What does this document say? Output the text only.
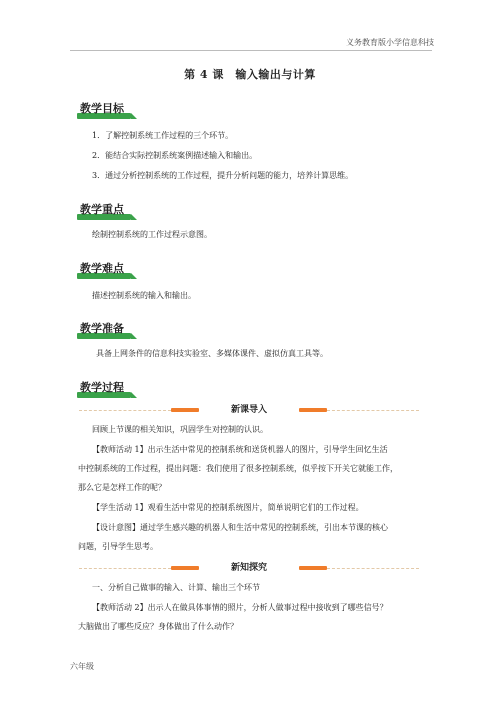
义务教育版小学信息科技
第 4 课　输入输出与计算
教学目标
1．了解控制系统工作过程的三个环节。
2．能结合实际控制系统案例描述输入和输出。
3．通过分析控制系统的工作过程，提升分析问题的能力，培养计算思维。
教学重点
绘制控制系统的工作过程示意图。
教学难点
描述控制系统的输入和输出。
教学准备
具备上网条件的信息科技实验室、多媒体课件、虚拟仿真工具等。
教学过程
新课导入
回顾上节课的相关知识，巩固学生对控制的认识。
【教师活动 1】出示生活中常见的控制系统和送货机器人的图片，引导学生回忆生活
中控制系统的工作过程，提出问题：我们使用了很多控制系统，似乎按下开关它就能工作，
那么它是怎样工作的呢？
【学生活动 1】观看生活中常见的控制系统图片，简单说明它们的工作过程。
【设计意图】通过学生感兴趣的机器人和生活中常见的控制系统，引出本节课的核心
问题，引导学生思考。
新知探究
一、分析自己做事的输入、计算、输出三个环节
【教师活动 2】出示人在做具体事情的照片，分析人做事过程中接收到了哪些信号？
大脑做出了哪些反应？身体做出了什么动作？
六年级
